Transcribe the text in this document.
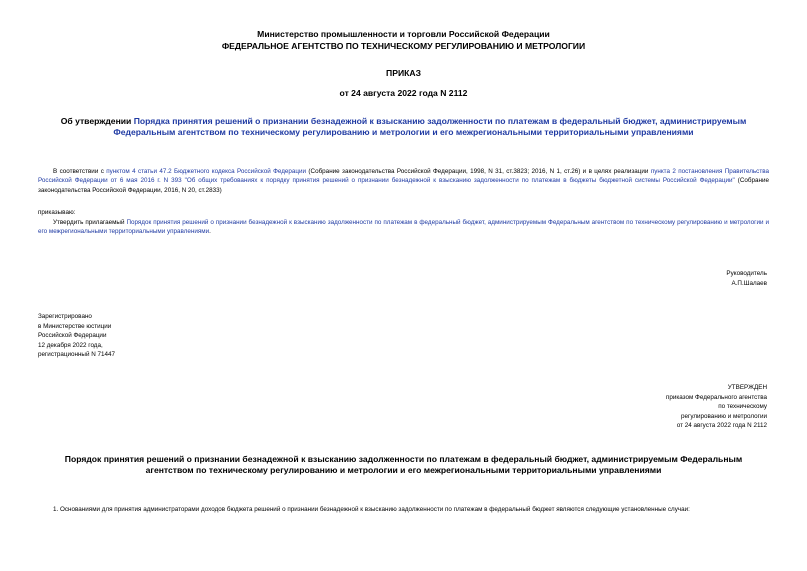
Министерство промышленности и торговли Российской Федерации
ФЕДЕРАЛЬНОЕ АГЕНТСТВО ПО ТЕХНИЧЕСКОМУ РЕГУЛИРОВАНИЮ И МЕТРОЛОГИИ
ПРИКАЗ
от 24 августа 2022 года N 2112
Об утверждении Порядка принятия решений о признании безнадежной к взысканию задолженности по платежам в федеральный бюджет, администрируемым Федеральным агентством по техническому регулированию и метрологии и его межрегиональными территориальными управлениями
В соответствии с пунктом 4 статьи 47.2 Бюджетного кодекса Российской Федерации (Собрание законодательства Российской Федерации, 1998, N 31, ст.3823; 2016, N 1, ст.26) и в целях реализации пункта 2 постановления Правительства Российской Федерации от 6 мая 2016 г. N 393 "Об общих требованиях к порядку принятия решений о признании безнадежной к взысканию задолженности по платежам в бюджеты бюджетной системы Российской Федерации" (Собрание законодательства Российской Федерации, 2016, N 20, ст.2833)
приказываю:
Утвердить прилагаемый Порядок принятия решений о признании безнадежной к взысканию задолженности по платежам в федеральный бюджет, администрируемым Федеральным агентством по техническому регулированию и метрологии и его межрегиональными территориальными управлениями.
Руководитель
А.П.Шалаев
Зарегистрировано
в Министерстве юстиции
Российской Федерации
12 декабря 2022 года,
регистрационный N 71447
УТВЕРЖДЕН
приказом Федерального агентства
по техническому
регулированию и метрологии
от 24 августа 2022 года N 2112
Порядок принятия решений о признании безнадежной к взысканию задолженности по платежам в федеральный бюджет, администрируемым Федеральным агентством по техническому регулированию и метрологии и его межрегиональными территориальными управлениями
1. Основаниями для принятия администраторами доходов бюджета решений о признании безнадежной к взысканию задолженности по платежам в федеральный бюджет являются следующие установленные случаи:
